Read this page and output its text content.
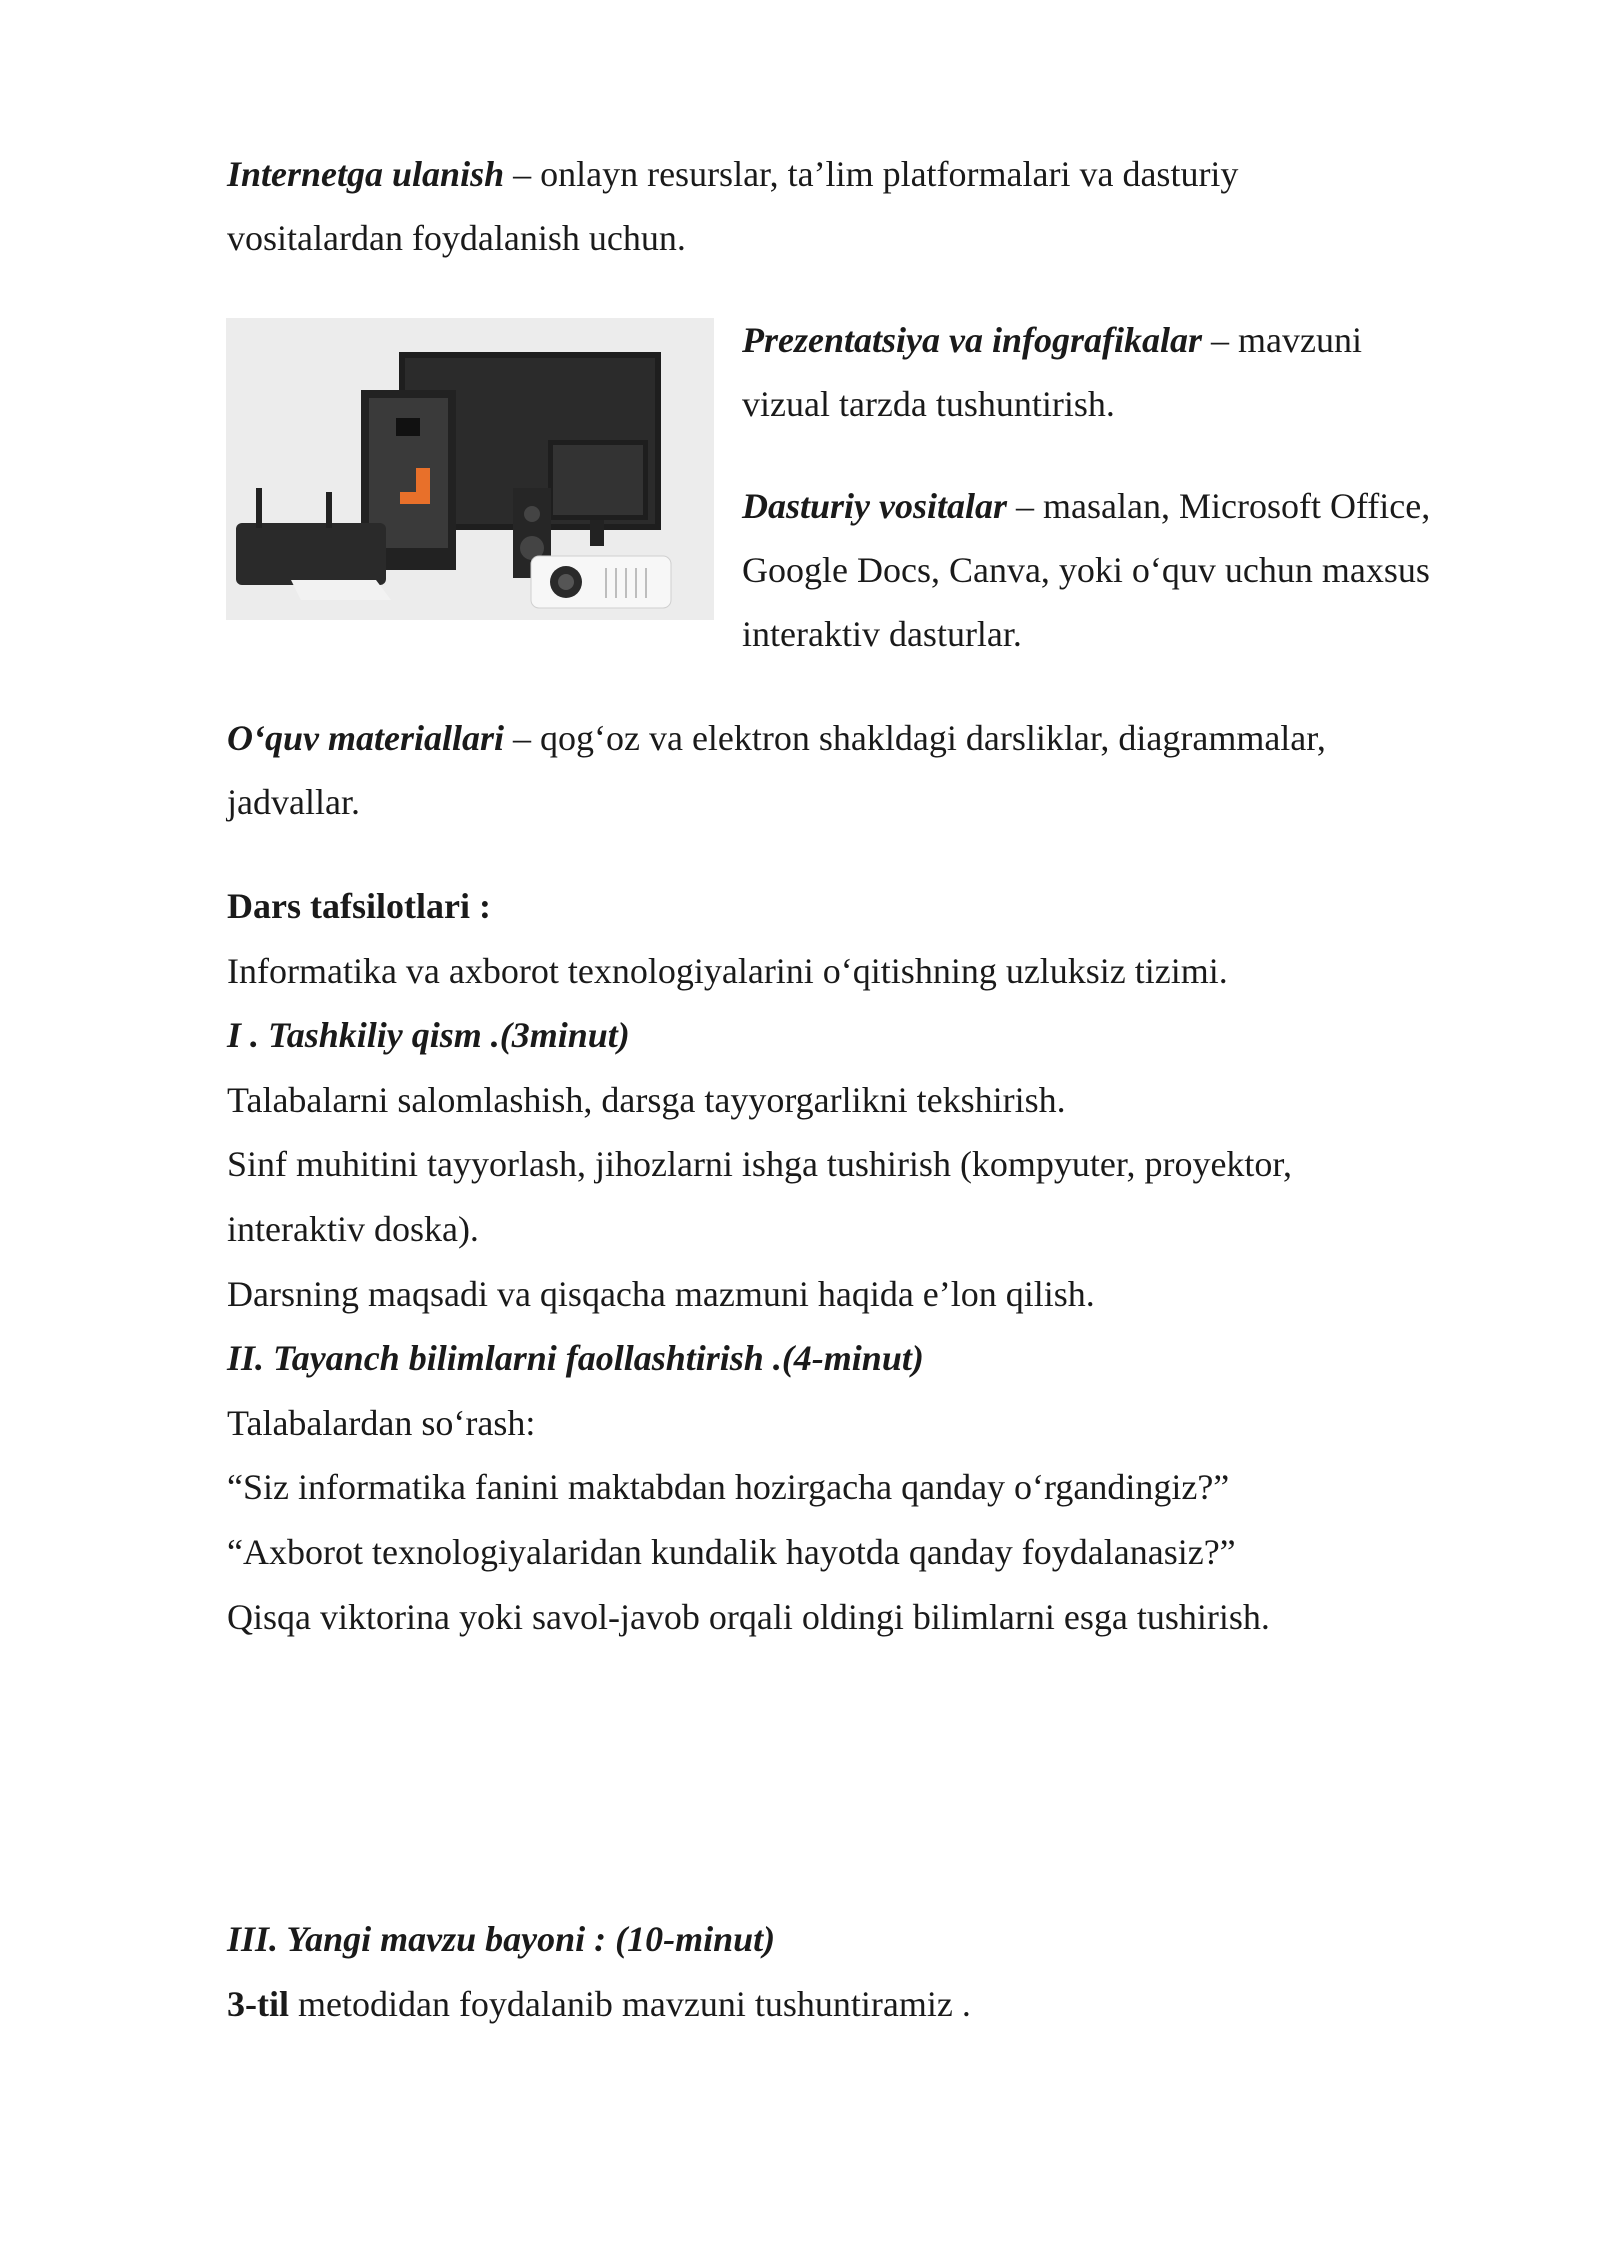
Internetga ulanish – onlayn resurslar, ta’lim platformalari va dasturiy
vositalardan foydalanish uchun.
Prezentatsiya va infografikalar – mavzuni
vizual tarzda tushuntirish.
Dasturiy vositalar – masalan, Microsoft Office,
Google Docs, Canva, yoki o‘quv uchun maxsus
interaktiv dasturlar.
O‘quv materiallari – qog‘oz va elektron shakldagi darsliklar, diagrammalar,
jadvallar.
Dars tafsilotlari :
Informatika va axborot texnologiyalarini o‘qitishning uzluksiz tizimi.
I . Tashkiliy qism .(3minut)
Talabalarni salomlashish, darsga tayyorgarlikni tekshirish.
Sinf muhitini tayyorlash, jihozlarni ishga tushirish (kompyuter, proyektor,
interaktiv doska).
Darsning maqsadi va qisqacha mazmuni haqida e’lon qilish.
II. Tayanch bilimlarni faollashtirish .(4-minut)
Talabalardan so‘rash:
“Siz informatika fanini maktabdan hozirgacha qanday o‘rgandingiz?”
“Axborot texnologiyalaridan kundalik hayotda qanday foydalanasiz?”
Qisqa viktorina yoki savol-javob orqali oldingi bilimlarni esga tushirish.
III. Yangi mavzu bayoni : (10-minut)
3-til metodidan foydalanib mavzuni tushuntiramiz .
